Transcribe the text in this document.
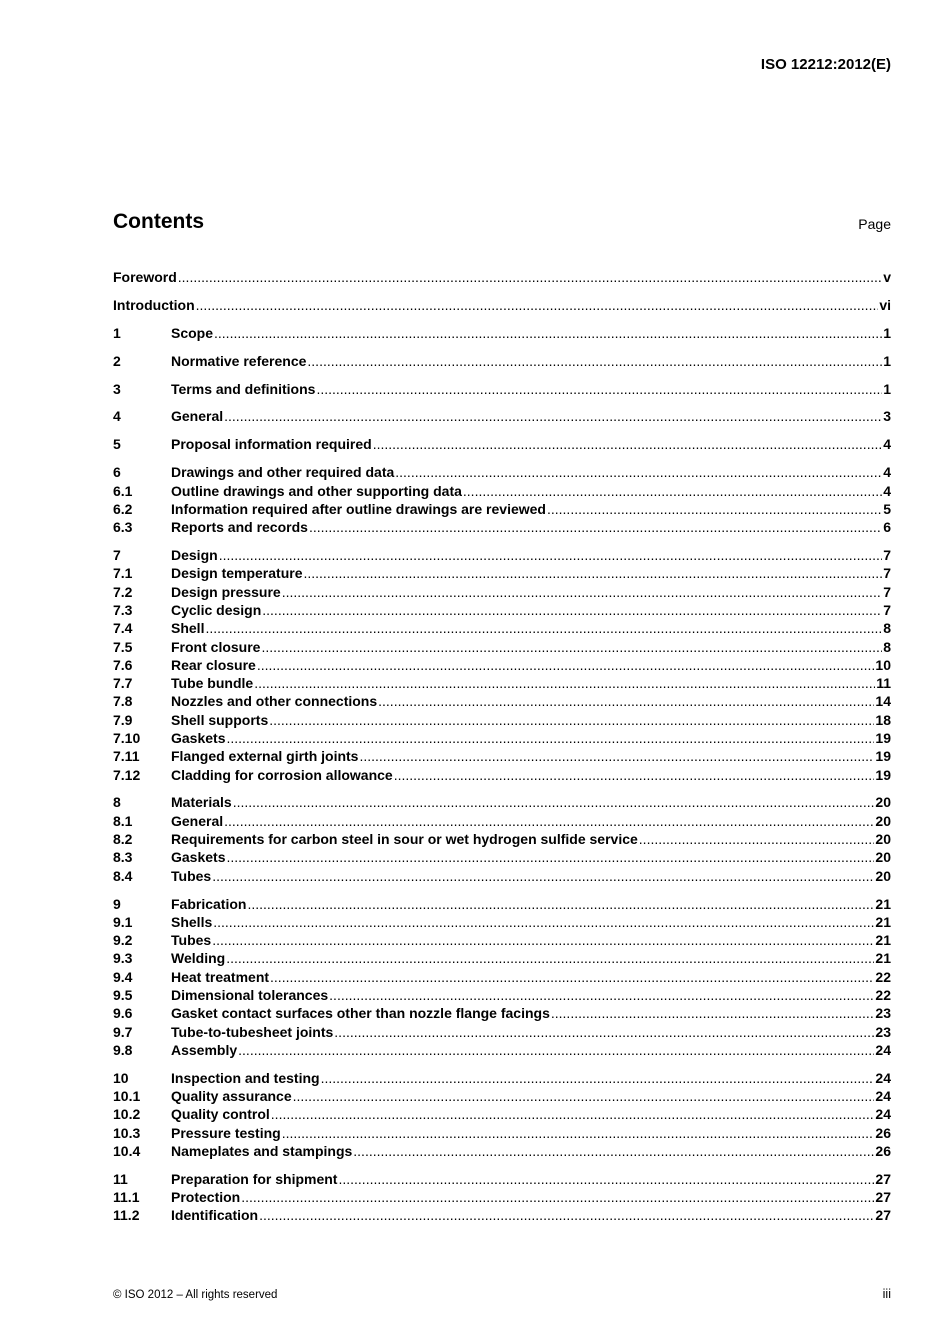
ISO 12212:2012(E)
Contents	Page
Foreword .....	v
Introduction .....	vi
1	Scope .....	1
2	Normative reference .....	1
3	Terms and definitions .....	1
4	General .....	3
5	Proposal information required .....	4
6	Drawings and other required data .....	4
6.1	Outline drawings and other supporting data .....	4
6.2	Information required after outline drawings are reviewed .....	5
6.3	Reports and records .....	6
7	Design .....	7
7.1	Design temperature .....	7
7.2	Design pressure .....	7
7.3	Cyclic design .....	7
7.4	Shell .....	8
7.5	Front closure .....	8
7.6	Rear closure .....	10
7.7	Tube bundle .....	11
7.8	Nozzles and other connections .....	14
7.9	Shell supports .....	18
7.10	Gaskets .....	19
7.11	Flanged external girth joints .....	19
7.12	Cladding for corrosion allowance .....	19
8	Materials .....	20
8.1	General .....	20
8.2	Requirements for carbon steel in sour or wet hydrogen sulfide service .....	20
8.3	Gaskets .....	20
8.4	Tubes .....	20
9	Fabrication .....	21
9.1	Shells .....	21
9.2	Tubes .....	21
9.3	Welding .....	21
9.4	Heat treatment .....	22
9.5	Dimensional tolerances .....	22
9.6	Gasket contact surfaces other than nozzle flange facings .....	23
9.7	Tube-to-tubesheet joints .....	23
9.8	Assembly .....	24
10	Inspection and testing .....	24
10.1	Quality assurance .....	24
10.2	Quality control .....	24
10.3	Pressure testing .....	26
10.4	Nameplates and stampings .....	26
11	Preparation for shipment .....	27
11.1	Protection .....	27
11.2	Identification .....	27
© ISO 2012 – All rights reserved	iii
